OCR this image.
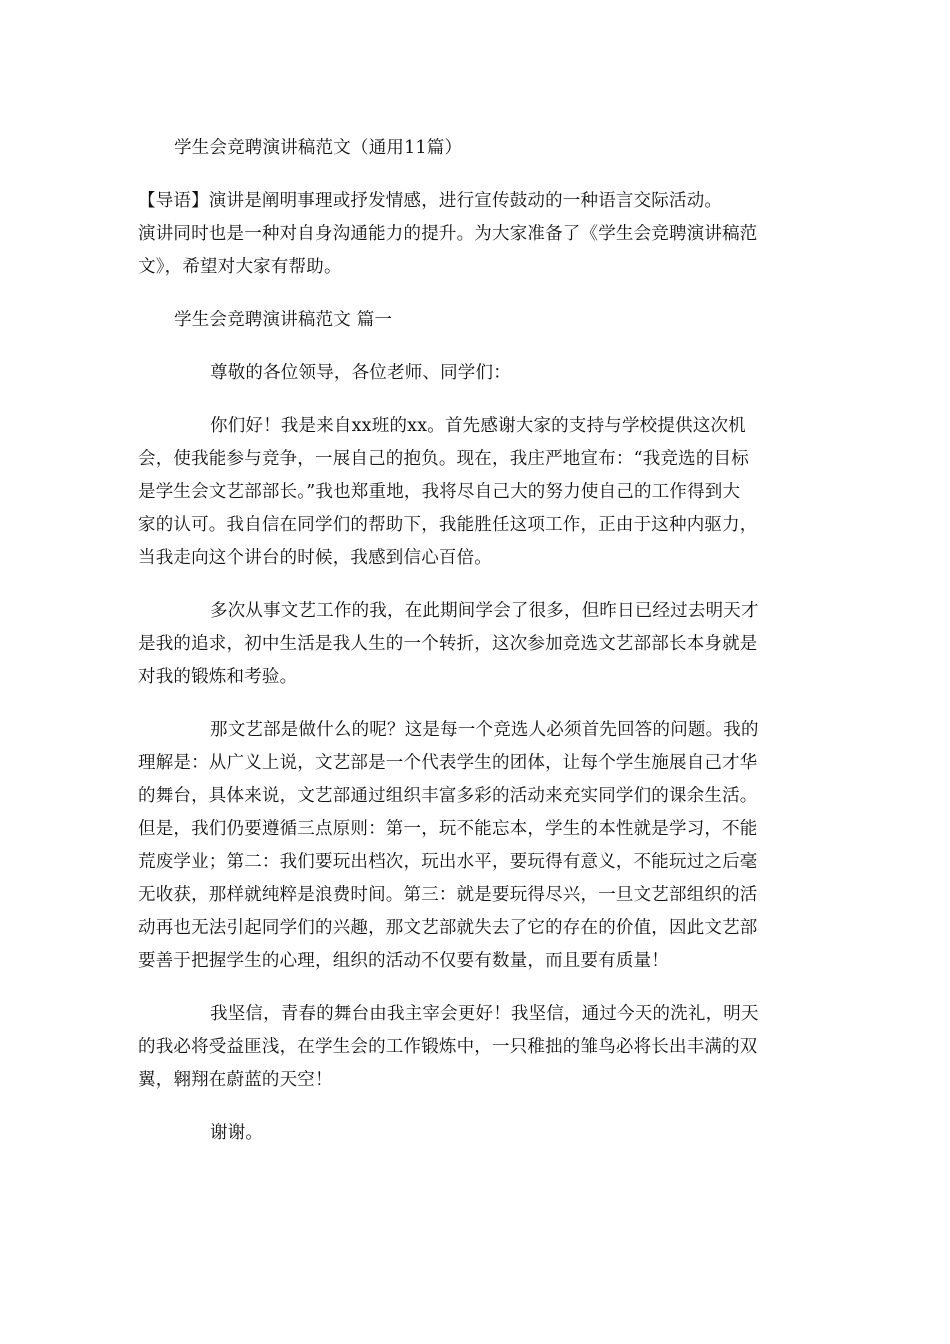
学生会竞聘演讲稿范文（通用11篇）
【导语】演讲是阐明事理或抒发情感，进行宣传鼓动的一种语言交际活动。
演讲同时也是一种对自身沟通能力的提升。为大家准备了《学生会竞聘演讲稿范
文》，希望对大家有帮助。
学生会竞聘演讲稿范文 篇一
尊敬的各位领导，各位老师、同学们：
你们好！我是来自xx班的xx。首先感谢大家的支持与学校提供这次机
会，使我能参与竞争，一展自己的抱负。现在，我庄严地宣布：“我竞选的目标
是学生会文艺部部长。”我也郑重地，我将尽自己大的努力使自己的工作得到大
家的认可。我自信在同学们的帮助下，我能胜任这项工作，正由于这种内驱力，
当我走向这个讲台的时候，我感到信心百倍。
多次从事文艺工作的我，在此期间学会了很多，但昨日已经过去明天才
是我的追求，初中生活是我人生的一个转折，这次参加竞选文艺部部长本身就是
对我的锻炼和考验。
那文艺部是做什么的呢？这是每一个竞选人必须首先回答的问题。我的
理解是：从广义上说，文艺部是一个代表学生的团体，让每个学生施展自己才华
的舞台，具体来说，文艺部通过组织丰富多彩的活动来充实同学们的课余生活。
但是，我们仍要遵循三点原则：第一，玩不能忘本，学生的本性就是学习，不能
荒废学业；第二：我们要玩出档次，玩出水平，要玩得有意义，不能玩过之后毫
无收获，那样就纯粹是浪费时间。第三：就是要玩得尽兴，一旦文艺部组织的活
动再也无法引起同学们的兴趣，那文艺部就失去了它的存在的价值，因此文艺部
要善于把握学生的心理，组织的活动不仅要有数量，而且要有质量！
我坚信，青春的舞台由我主宰会更好！我坚信，通过今天的洗礼，明天
的我必将受益匪浅，在学生会的工作锻炼中，一只稚拙的雏鸟必将长出丰满的双
翼，翱翔在蔚蓝的天空！
谢谢。
